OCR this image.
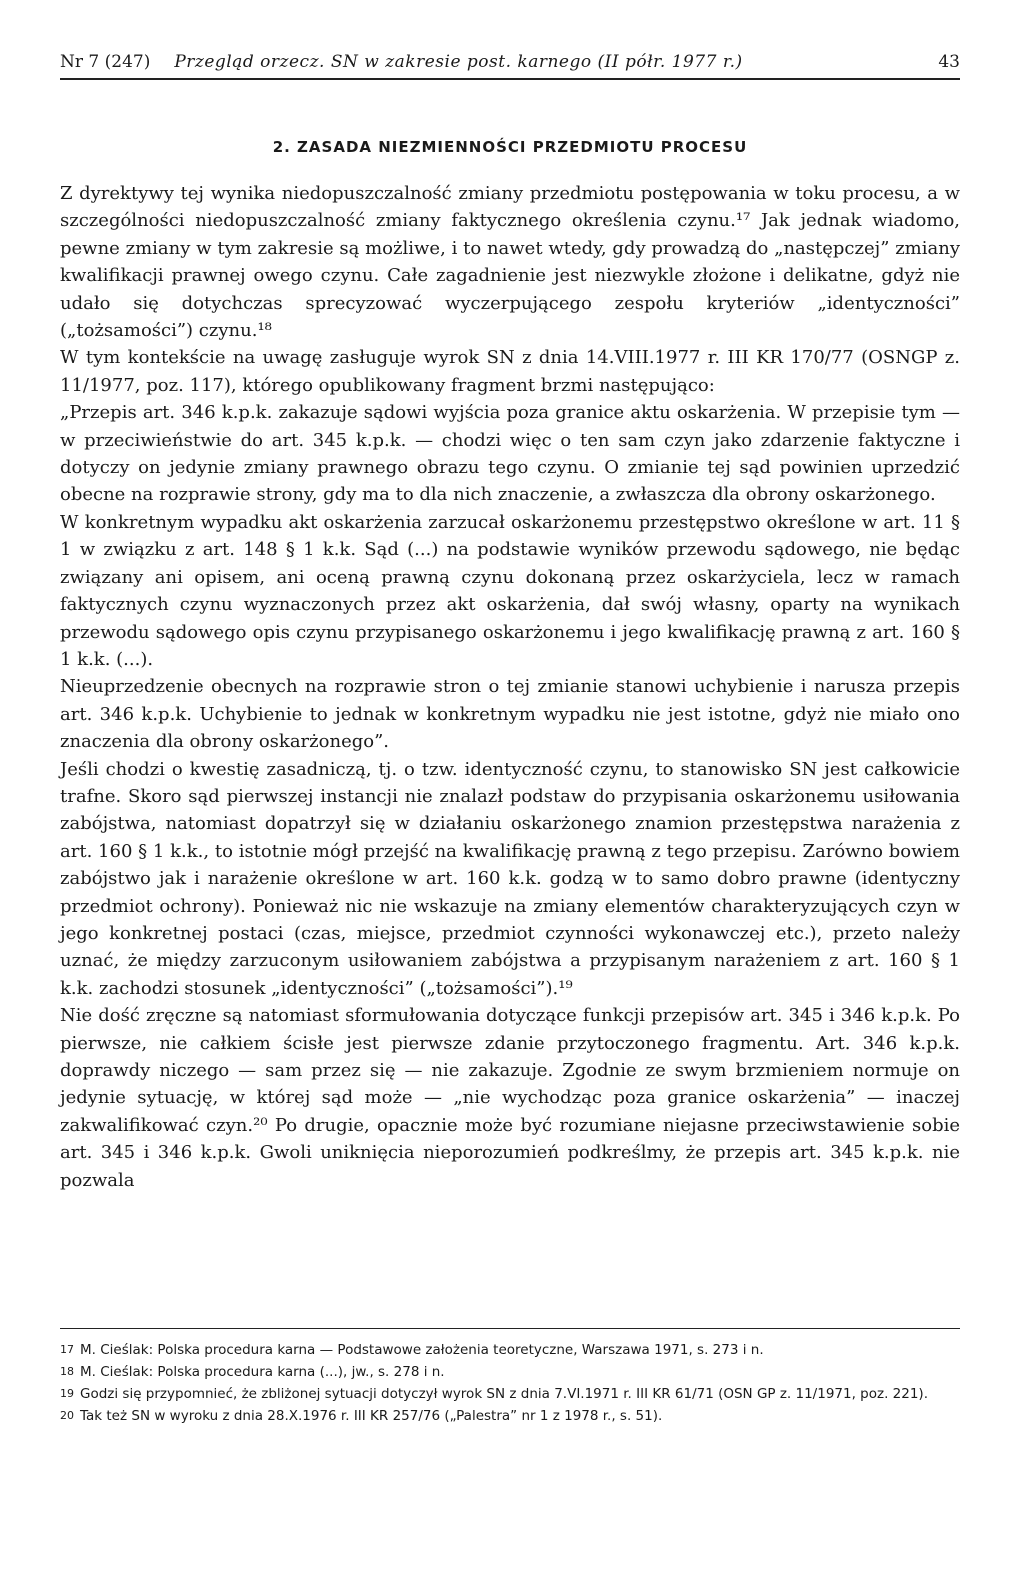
Nr 7 (247) Przegląd orzecz. SN w zakresie post. karnego (II półr. 1977 r.)	43
2. ZASADA NIEZMIENNOŚCI PRZEDMIOTU PROCESU

Z dyrektywy tej wynika niedopuszczalność zmiany przedmiotu postępowania w toku procesu, a w szczególności niedopuszczalność zmiany faktycznego określenia czynu.¹⁷ Jak jednak wiadomo, pewne zmiany w tym zakresie są możliwe, i to nawet wtedy, gdy prowadzą do „następczej” zmiany kwalifikacji prawnej owego czynu. Całe zagadnienie jest niezwykle złożone i delikatne, gdyż nie udało się dotychczas sprecyzować wyczerpującego zespołu kryteriów „identyczności” („tożsamości”) czynu.¹⁸

W tym kontekście na uwagę zasługuje wyrok SN z dnia 14.VIII.1977 r. III KR 170/77 (OSNGP z. 11/1977, poz. 117), którego opublikowany fragment brzmi następująco:

„Przepis art. 346 k.p.k. zakazuje sądowi wyjścia poza granice aktu oskarżenia. W przepisie tym — w przeciwieństwie do art. 345 k.p.k. — chodzi więc o ten sam czyn jako zdarzenie faktyczne i dotyczy on jedynie zmiany prawnego obrazu tego czynu. O zmianie tej sąd powinien uprzedzić obecne na rozprawie strony, gdy ma to dla nich znaczenie, a zwłaszcza dla obrony oskarżonego.

W konkretnym wypadku akt oskarżenia zarzucał oskarżonemu przestępstwo określone w art. 11 § 1 w związku z art. 148 § 1 k.k. Sąd (...) na podstawie wyników przewodu sądowego, nie będąc związany ani opisem, ani oceną prawną czynu dokonaną przez oskarżyciela, lecz w ramach faktycznych czynu wyznaczonych przez akt oskarżenia, dał swój własny, oparty na wynikach przewodu sądowego opis czynu przypisanego oskarżonemu i jego kwalifikację prawną z art. 160 § 1 k.k. (...).

Nieuprzedzenie obecnych na rozprawie stron o tej zmianie stanowi uchybienie i narusza przepis art. 346 k.p.k. Uchybienie to jednak w konkretnym wypadku nie jest istotne, gdyż nie miało ono znaczenia dla obrony oskarżonego”.

Jeśli chodzi o kwestię zasadniczą, tj. o tzw. identyczność czynu, to stanowisko SN jest całkowicie trafne. Skoro sąd pierwszej instancji nie znalazł podstaw do przypisania oskarżonemu usiłowania zabójstwa, natomiast dopatrzył się w działaniu oskarżonego znamion przestępstwa narażenia z art. 160 § 1 k.k., to istotnie mógł przejść na kwalifikację prawną z tego przepisu. Zarówno bowiem zabójstwo jak i narażenie określone w art. 160 k.k. godzą w to samo dobro prawne (identyczny przedmiot ochrony). Ponieważ nic nie wskazuje na zmiany elementów charakteryzujących czyn w jego konkretnej postaci (czas, miejsce, przedmiot czynności wykonawczej etc.), przeto należy uznać, że między zarzuconym usiłowaniem zabójstwa a przypisanym narażeniem z art. 160 § 1 k.k. zachodzi stosunek „identyczności” („tożsamości”).¹⁹

Nie dość zręczne są natomiast sformułowania dotyczące funkcji przepisów art. 345 i 346 k.p.k. Po pierwsze, nie całkiem ścisłe jest pierwsze zdanie przytoczonego fragmentu. Art. 346 k.p.k. doprawdy niczego — sam przez się — nie zakazuje. Zgodnie ze swym brzmieniem normuje on jedynie sytuację, w której sąd może — „nie wychodząc poza granice oskarżenia” — inaczej zakwalifikować czyn.²⁰ Po drugie, opacznie może być rozumiane niejasne przeciwstawienie sobie art. 345 i 346 k.p.k. Gwoli uniknięcia nieporozumień podkreślmy, że przepis art. 345 k.p.k. nie pozwala

17 M. Cieślak: Polska procedura karna — Podstawowe założenia teoretyczne, Warszawa 1971, s. 273 i n.
18 M. Cieślak: Polska procedura karna (...), jw., s. 278 i n.
19 Godzi się przypomnieć, że zbliżonej sytuacji dotyczył wyrok SN z dnia 7.VI.1971 r. III KR 61/71 (OSN GP z. 11/1971, poz. 221).
20 Tak też SN w wyroku z dnia 28.X.1976 r. III KR 257/76 („Palestra” nr 1 z 1978 r., s. 51).
